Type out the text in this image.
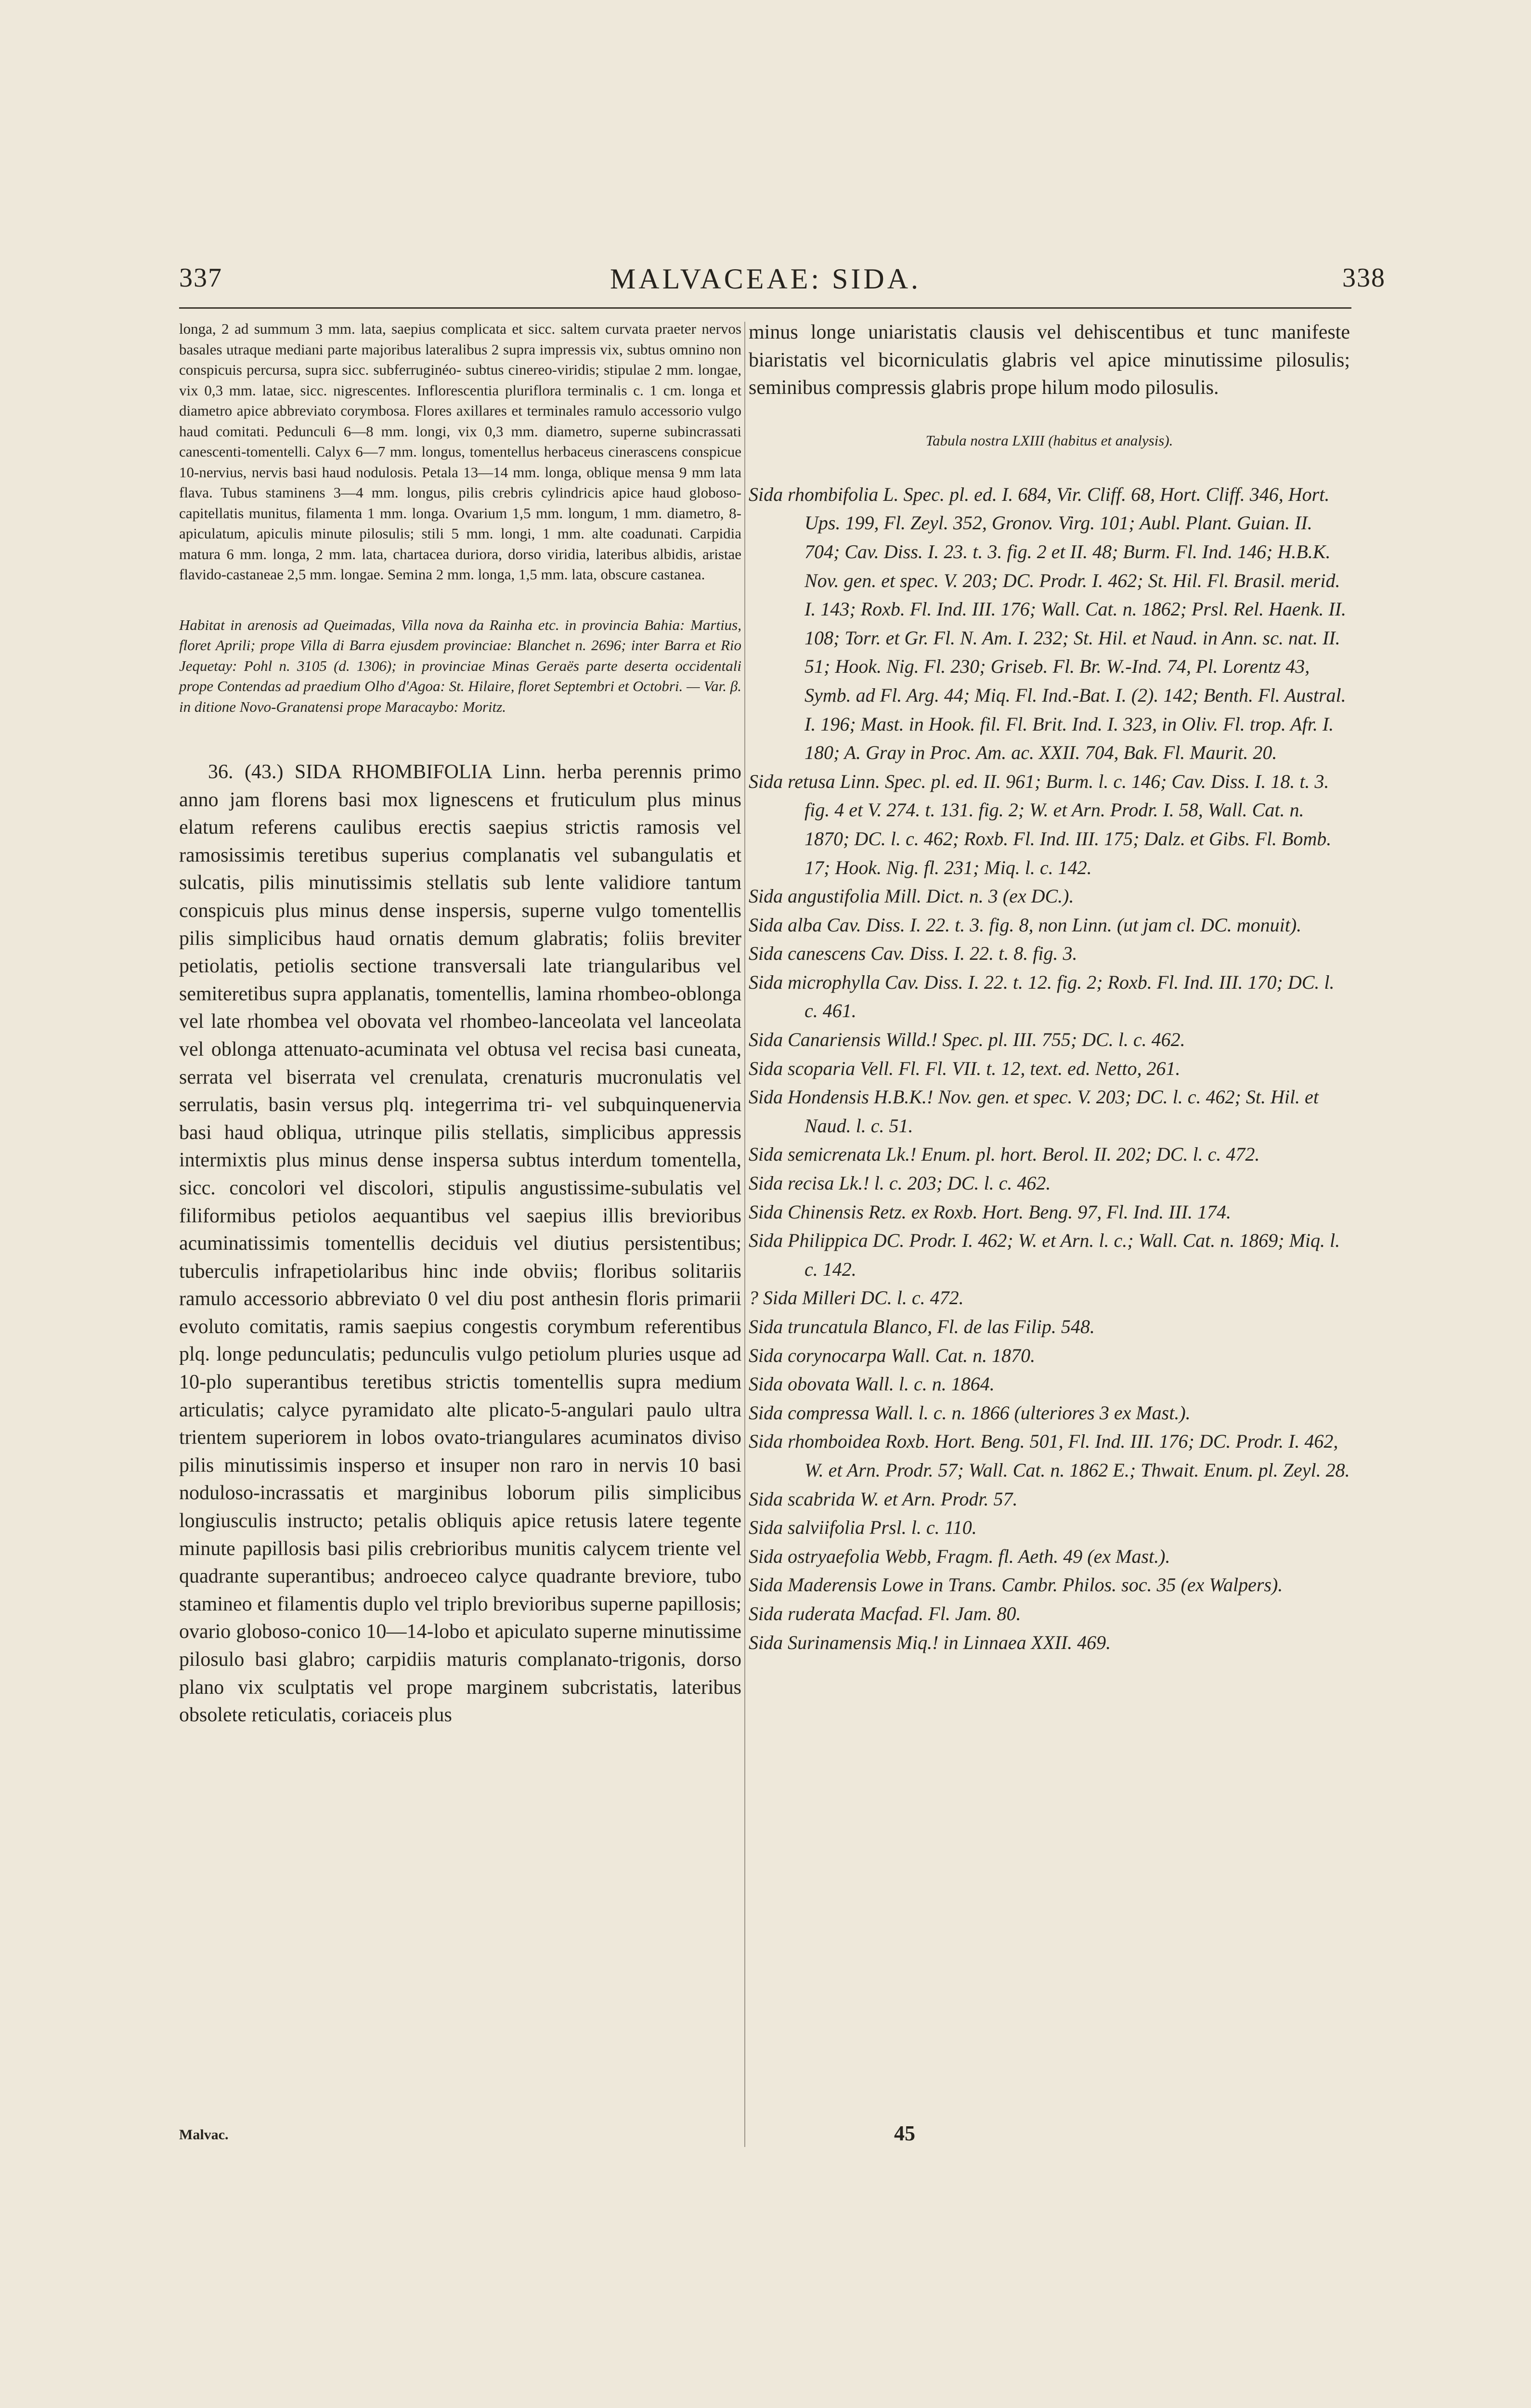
337	MALVACEAE: SIDA.	338

longa, 2 ad summum 3 mm. lata, saepius complicata et sicc. saltem curvata praeter nervos basales utraque mediani parte majoribus lateralibus 2 supra impressis vix, subtus omnino non conspicuis percursa, supra sicc. subferruginéo- subtus cinereo-viridis; stipulae 2 mm. longae, vix 0,3 mm. latae, sicc. nigrescentes. Inflorescentia pluriflora terminalis c. 1 cm. longa et diametro apice abbreviato corymbosa. Flores axillares et terminales ramulo accessorio vulgo haud comitati. Pedunculi 6—8 mm. longi, vix 0,3 mm. diametro, superne subincrassati canescenti-tomentelli. Calyx 6—7 mm. longus, tomentellus herbaceus cinerascens conspicue 10-nervius, nervis basi haud nodulosis. Petala 13—14 mm. longa, oblique mensa 9 mm lata flava. Tubus staminens 3—4 mm. longus, pilis crebris cylindricis apice haud globoso-capitellatis munitus, filamenta 1 mm. longa. Ovarium 1,5 mm. longum, 1 mm. diametro, 8-apiculatum, apiculis minute pilosulis; stili 5 mm. longi, 1 mm. alte coadunati. Carpidia matura 6 mm. longa, 2 mm. lata, chartacea duriora, dorso viridia, lateribus albidis, aristae flavido-castaneae 2,5 mm. longae. Semina 2 mm. longa, 1,5 mm. lata, obscure castanea.

Habitat in arenosis ad Queimadas, Villa nova da Rainha etc. in provincia Bahia: Martius, floret Aprili; prope Villa di Barra ejusdem provinciae: Blanchet n. 2696; inter Barra et Rio Jequetay: Pohl n. 3105 (d. 1306); in provinciae Minas Geraës parte deserta occidentali prope Contendas ad praedium Olho d'Agoa: St. Hilaire, floret Septembri et Octobri. — Var. β. in ditione Novo-Granatensi prope Maracaybo: Moritz.

36. (43.) SIDA RHOMBIFOLIA Linn. herba perennis primo anno jam florens basi mox lignescens et fruticulum plus minus elatum referens caulibus erectis saepius strictis ramosis vel ramosissimis teretibus superius complanatis vel subangulatis et sulcatis, pilis minutissimis stellatis sub lente validiore tantum conspicuis plus minus dense inspersis, superne vulgo tomentellis pilis simplicibus haud ornatis demum glabratis; foliis breviter petiolatis, petiolis sectione transversali late triangularibus vel semiteretibus supra applanatis, tomentellis, lamina rhombeo-oblonga vel late rhombea vel obovata vel rhombeo-lanceolata vel lanceolata vel oblonga attenuato-acuminata vel obtusa vel recisa basi cuneata, serrata vel biserrata vel crenulata, crenaturis mucronulatis vel serrulatis, basin versus plq. integerrima tri- vel subquinquenervia basi haud obliqua, utrinque pilis stellatis, simplicibus appressis intermixtis plus minus dense inspersa subtus interdum tomentella, sicc. concolori vel discolori, stipulis angustissime-subulatis vel filiformibus petiolos aequantibus vel saepius illis brevioribus acuminatissimis tomentellis deciduis vel diutius persistentibus; tuberculis infrapetiolaribus hinc inde obviis; floribus solitariis ramulo accessorio abbreviato 0 vel diu post anthesin floris primarii evoluto comitatis, ramis saepius congestis corymbum referentibus plq. longe pedunculatis; pedunculis vulgo petiolum pluries usque ad 10-plo superantibus teretibus strictis tomentellis supra medium articulatis; calyce pyramidato alte plicato-5-angulari paulo ultra trientem superiorem in lobos ovato-triangulares acuminatos diviso pilis minutissimis insperso et insuper non raro in nervis 10 basi noduloso-incrassatis et marginibus loborum pilis simplicibus longiusculis instructo; petalis obliquis apice retusis latere tegente minute papillosis basi pilis crebrioribus munitis calycem triente vel quadrante superantibus; androeceo calyce quadrante breviore, tubo stamineo et filamentis duplo vel triplo brevioribus superne papillosis; ovario globoso-conico 10—14-lobo et apiculato superne minutissime pilosulo basi glabro; carpidiis maturis complanato-trigonis, dorso plano vix sculptatis vel prope marginem subcristatis, lateribus obsolete reticulatis, coriaceis plus

minus longe uniaristatis clausis vel dehiscentibus et tunc manifeste biaristatis vel bicorniculatis glabris vel apice minutissime pilosulis; seminibus compressis glabris prope hilum modo pilosulis.

Tabula nostra LXIII (habitus et analysis).

Sida rhombifolia L. Spec. pl. ed. I. 684, Vir. Cliff. 68, Hort. Cliff. 346, Hort. Ups. 199, Fl. Zeyl. 352, Gronov. Virg. 101; Aubl. Plant. Guian. II. 704; Cav. Diss. I. 23. t. 3. fig. 2 et II. 48; Burm. Fl. Ind. 146; H.B.K. Nov. gen. et spec. V. 203; DC. Prodr. I. 462; St. Hil. Fl. Brasil. merid. I. 143; Roxb. Fl. Ind. III. 176; Wall. Cat. n. 1862; Prsl. Rel. Haenk. II. 108; Torr. et Gr. Fl. N. Am. I. 232; St. Hil. et Naud. in Ann. sc. nat. II. 51; Hook. Nig. Fl. 230; Griseb. Fl. Br. W.-Ind. 74, Pl. Lorentz 43, Symb. ad Fl. Arg. 44; Miq. Fl. Ind.-Bat. I. (2). 142; Benth. Fl. Austral. I. 196; Mast. in Hook. fil. Fl. Brit. Ind. I. 323, in Oliv. Fl. trop. Afr. I. 180; A. Gray in Proc. Am. ac. XXII. 704, Bak. Fl. Maurit. 20.

Sida retusa Linn. Spec. pl. ed. II. 961; Burm. l. c. 146; Cav. Diss. I. 18. t. 3. fig. 4 et V. 274. t. 131. fig. 2; W. et Arn. Prodr. I. 58, Wall. Cat. n. 1870; DC. l. c. 462; Roxb. Fl. Ind. III. 175; Dalz. et Gibs. Fl. Bomb. 17; Hook. Nig. fl. 231; Miq. l. c. 142.

Sida angustifolia Mill. Dict. n. 3 (ex DC.).

Sida alba Cav. Diss. I. 22. t. 3. fig. 8, non Linn. (ut jam cl. DC. monuit).

Sida canescens Cav. Diss. I. 22. t. 8. fig. 3.

Sida microphylla Cav. Diss. I. 22. t. 12. fig. 2; Roxb. Fl. Ind. III. 170; DC. l. c. 461.

Sida Canariensis Willd.! Spec. pl. III. 755; DC. l. c. 462.

Sida scoparia Vell. Fl. Fl. VII. t. 12, text. ed. Netto, 261.

Sida Hondensis H.B.K.! Nov. gen. et spec. V. 203; DC. l. c. 462; St. Hil. et Naud. l. c. 51.

Sida semicrenata Lk.! Enum. pl. hort. Berol. II. 202; DC. l. c. 472.

Sida recisa Lk.! l. c. 203; DC. l. c. 462.

Sida Chinensis Retz. ex Roxb. Hort. Beng. 97, Fl. Ind. III. 174.

Sida Philippica DC. Prodr. I. 462; W. et Arn. l. c.; Wall. Cat. n. 1869; Miq. l. c. 142.

? Sida Milleri DC. l. c. 472.

Sida truncatula Blanco, Fl. de las Filip. 548.

Sida corynocarpa Wall. Cat. n. 1870.

Sida obovata Wall. l. c. n. 1864.

Sida compressa Wall. l. c. n. 1866 (ulteriores 3 ex Mast.).

Sida rhomboidea Roxb. Hort. Beng. 501, Fl. Ind. III. 176; DC. Prodr. I. 462, W. et Arn. Prodr. 57; Wall. Cat. n. 1862 E.; Thwait. Enum. pl. Zeyl. 28.

Sida scabrida W. et Arn. Prodr. 57.

Sida salviifolia Prsl. l. c. 110.

Sida ostryaefolia Webb, Fragm. fl. Aeth. 49 (ex Mast.).

Sida Maderensis Lowe in Trans. Cambr. Philos. soc. 35 (ex Walpers).

Sida ruderata Macfad. Fl. Jam. 80.

Sida Surinamensis Miq.! in Linnaea XXII. 469.

Malvac.	45
